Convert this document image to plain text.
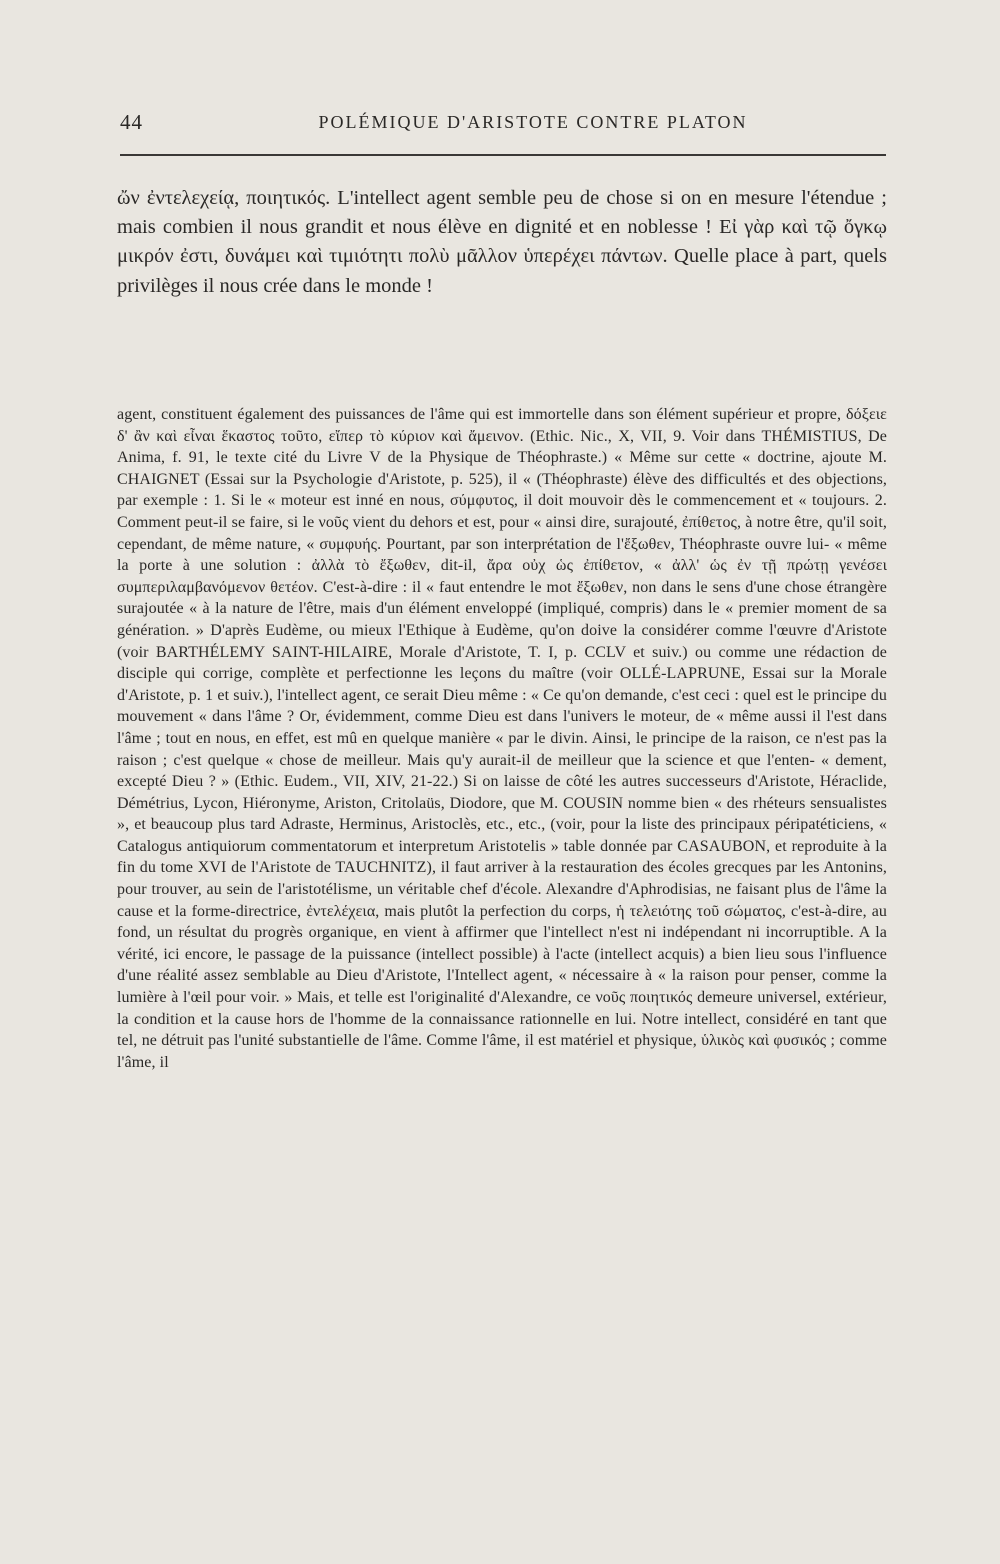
44	POLÉMIQUE D'ARISTOTE CONTRE PLATON

ὤν ἐντελεχείᾳ, ποιητικός. L'intellect agent semble peu de chose si on en mesure l'étendue ; mais combien il nous grandit et nous élève en dignité et en noblesse ! Εἰ γὰρ καὶ τῷ ὄγκῳ μικρόν ἐστι, δυνάμει καὶ τιμιότητι πολὺ μᾶλλον ὑπερέχει πάντων. Quelle place à part, quels privilèges il nous crée dans le monde !

agent, constituent également des puissances de l'âme qui est immortelle dans son élément supérieur et propre, δόξειε δ' ἂν καὶ εἶναι ἕκαστος τοῦτο, εἴπερ τὸ κύριον καὶ ἄμεινον. (Ethic. Nic., X, VII, 9. Voir dans THÉMISTIUS, De Anima, f. 91, le texte cité du Livre V de la Physique de Théophraste.) « Même sur cette « doctrine, ajoute M. CHAIGNET (Essai sur la Psychologie d'Aristote, p. 525), il « (Théophraste) élève des difficultés et des objections, par exemple : 1. Si le « moteur est inné en nous, σύμφυτος, il doit mouvoir dès le commencement et « toujours. 2. Comment peut-il se faire, si le νοῦς vient du dehors et est, pour « ainsi dire, surajouté, ἐπίθετος, à notre être, qu'il soit, cependant, de même nature, « συμφυής. Pourtant, par son interprétation de l'ἔξωθεν, Théophraste ouvre lui- « même la porte à une solution : ἀλλὰ τὸ ἔξωθεν, dit-il, ἄρα οὐχ ὡς ἐπίθετον, « ἀλλ' ὡς ἐν τῇ πρώτῃ γενέσει συμπεριλαμβανόμενον θετέον. C'est-à-dire : il « faut entendre le mot ἔξωθεν, non dans le sens d'une chose étrangère surajoutée « à la nature de l'être, mais d'un élément enveloppé (impliqué, compris) dans le « premier moment de sa génération. » D'après Eudème, ou mieux l'Ethique à Eudème, qu'on doive la considérer comme l'œuvre d'Aristote (voir BARTHÉLEMY SAINT-HILAIRE, Morale d'Aristote, T. I, p. CCLV et suiv.) ou comme une rédaction de disciple qui corrige, complète et perfectionne les leçons du maître (voir OLLÉ-LAPRUNE, Essai sur la Morale d'Aristote, p. 1 et suiv.), l'intellect agent, ce serait Dieu même : « Ce qu'on demande, c'est ceci : quel est le principe du mouvement « dans l'âme ? Or, évidemment, comme Dieu est dans l'univers le moteur, de « même aussi il l'est dans l'âme ; tout en nous, en effet, est mû en quelque manière « par le divin. Ainsi, le principe de la raison, ce n'est pas la raison ; c'est quelque « chose de meilleur. Mais qu'y aurait-il de meilleur que la science et que l'enten- « dement, excepté Dieu ? » (Ethic. Eudem., VII, XIV, 21-22.) Si on laisse de côté les autres successeurs d'Aristote, Héraclide, Démétrius, Lycon, Hiéronyme, Ariston, Critolaüs, Diodore, que M. COUSIN nomme bien « des rhéteurs sensualistes », et beaucoup plus tard Adraste, Herminus, Aristoclès, etc., etc., (voir, pour la liste des principaux péripatéticiens, « Catalogus antiquiorum commentatorum et interpretum Aristotelis » table donnée par CASAUBON, et reproduite à la fin du tome XVI de l'Aristote de TAUCHNITZ), il faut arriver à la restauration des écoles grecques par les Antonins, pour trouver, au sein de l'aristotélisme, un véritable chef d'école. Alexandre d'Aphrodisias, ne faisant plus de l'âme la cause et la forme-directrice, ἐντελέχεια, mais plutôt la perfection du corps, ἡ τελειότης τοῦ σώματος, c'est-à-dire, au fond, un résultat du progrès organique, en vient à affirmer que l'intellect n'est ni indépendant ni incorruptible. A la vérité, ici encore, le passage de la puissance (intellect possible) à l'acte (intellect acquis) a bien lieu sous l'influence d'une réalité assez semblable au Dieu d'Aristote, l'Intellect agent, « nécessaire à « la raison pour penser, comme la lumière à l'œil pour voir. » Mais, et telle est l'originalité d'Alexandre, ce νοῦς ποιητικός demeure universel, extérieur, la condition et la cause hors de l'homme de la connaissance rationnelle en lui. Notre intellect, considéré en tant que tel, ne détruit pas l'unité substantielle de l'âme. Comme l'âme, il est matériel et physique, ὑλικὸς καὶ φυσικός ; comme l'âme, il
